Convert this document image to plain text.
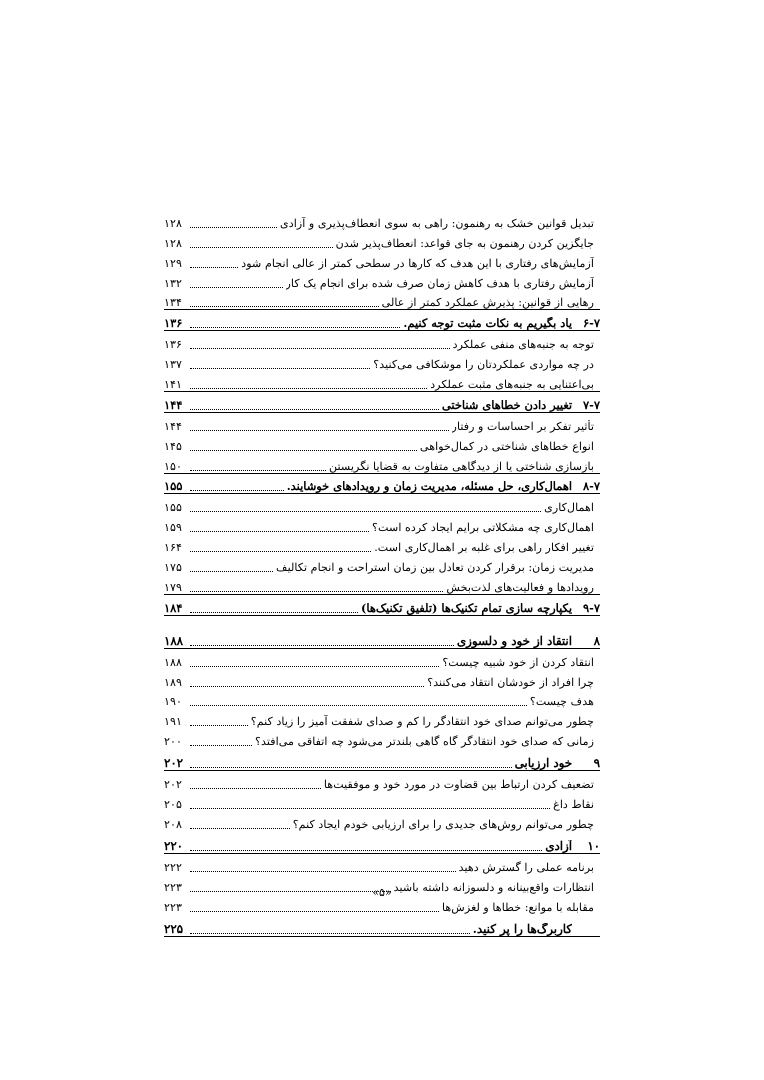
تبدیل قوانین خشک به رهنمون: راهی به سوی انعطاف‌پذیری و آزادی
۱۲۸
جایگزین کردن رهنمون به جای قواعد: انعطاف‌پذیر شدن
۱۲۸
آزمایش‌های رفتاری با این هدف که کارها در سطحی کمتر از عالی انجام شود
۱۲۹
آزمایش رفتاری با هدف کاهش زمان صرف شده برای انجام یک کار
۱۳۲
رهایی از قوانین: پذیرش عملکرد کمتر از عالی
۱۳۴
۶-۷
یاد بگیریم به نکات مثبت توجه کنیم.
۱۳۶
توجه به جنبه‌های منفی عملکرد
۱۳۶
در چه مواردی عملکردتان را موشکافی می‌کنید؟
۱۳۷
بی‌اعتنایی به جنبه‌های مثبت عملکرد
۱۴۱
۷-۷
تغییر دادن خطاهای شناختی
۱۴۴
تأثیر تفکر بر احساسات و رفتار
۱۴۴
انواع خطاهای شناختی در کمال‌خواهی
۱۴۵
بازسازی شناختی یا از دیدگاهی متفاوت به قضایا نگریستن
۱۵۰
۸-۷
اهمال‌کاری، حل مسئله، مدیریت زمان و رویدادهای خوشایند.
۱۵۵
اهمال‌کاری
۱۵۵
اهمال‌کاری چه مشکلاتی برایم ایجاد کرده است؟
۱۵۹
تغییر افکار راهی برای غلبه بر اهمال‌کاری است.
۱۶۴
مدیریت زمان: برقرار کردن تعادل بین زمان استراحت و انجام تکالیف
۱۷۵
رویدادها و فعالیت‌های لذت‌بخش
۱۷۹
۹-۷
یکپارچه سازی تمام تکنیک‌ها (تلفیق تکنیک‌ها)
۱۸۴
۸
انتقاد از خود و دلسوزی
۱۸۸
انتقاد کردن از خود شبیه چیست؟
۱۸۸
چرا افراد از خودشان انتقاد می‌کنند؟
۱۸۹
هدف چیست؟
۱۹۰
چطور می‌توانم صدای خود انتقادگر را کم و صدای شفقت آمیز را زیاد کنم؟
۱۹۱
زمانی که صدای خود انتقادگر گاه گاهی بلندتر می‌شود چه اتفاقی می‌افتد؟
۲۰۰
۹
خود ارزیابی
۲۰۲
تضعیف کردن ارتباط بین قضاوت در مورد خود و موفقیت‌ها
۲۰۲
نقاط داغ
۲۰۵
چطور می‌توانم روش‌های جدیدی را برای ارزیابی خودم ایجاد کنم؟
۲۰۸
۱۰
آزادی
۲۲۰
برنامه عملی را گسترش دهید
۲۲۲
انتظارات واقع‌بینانه و دلسوزانه داشته باشید
۲۲۳
مقابله با موانع: خطاها و لغزش‌ها
۲۲۳
کاربرگ‌ها را پر کنید.
۲۲۵
«۵»
